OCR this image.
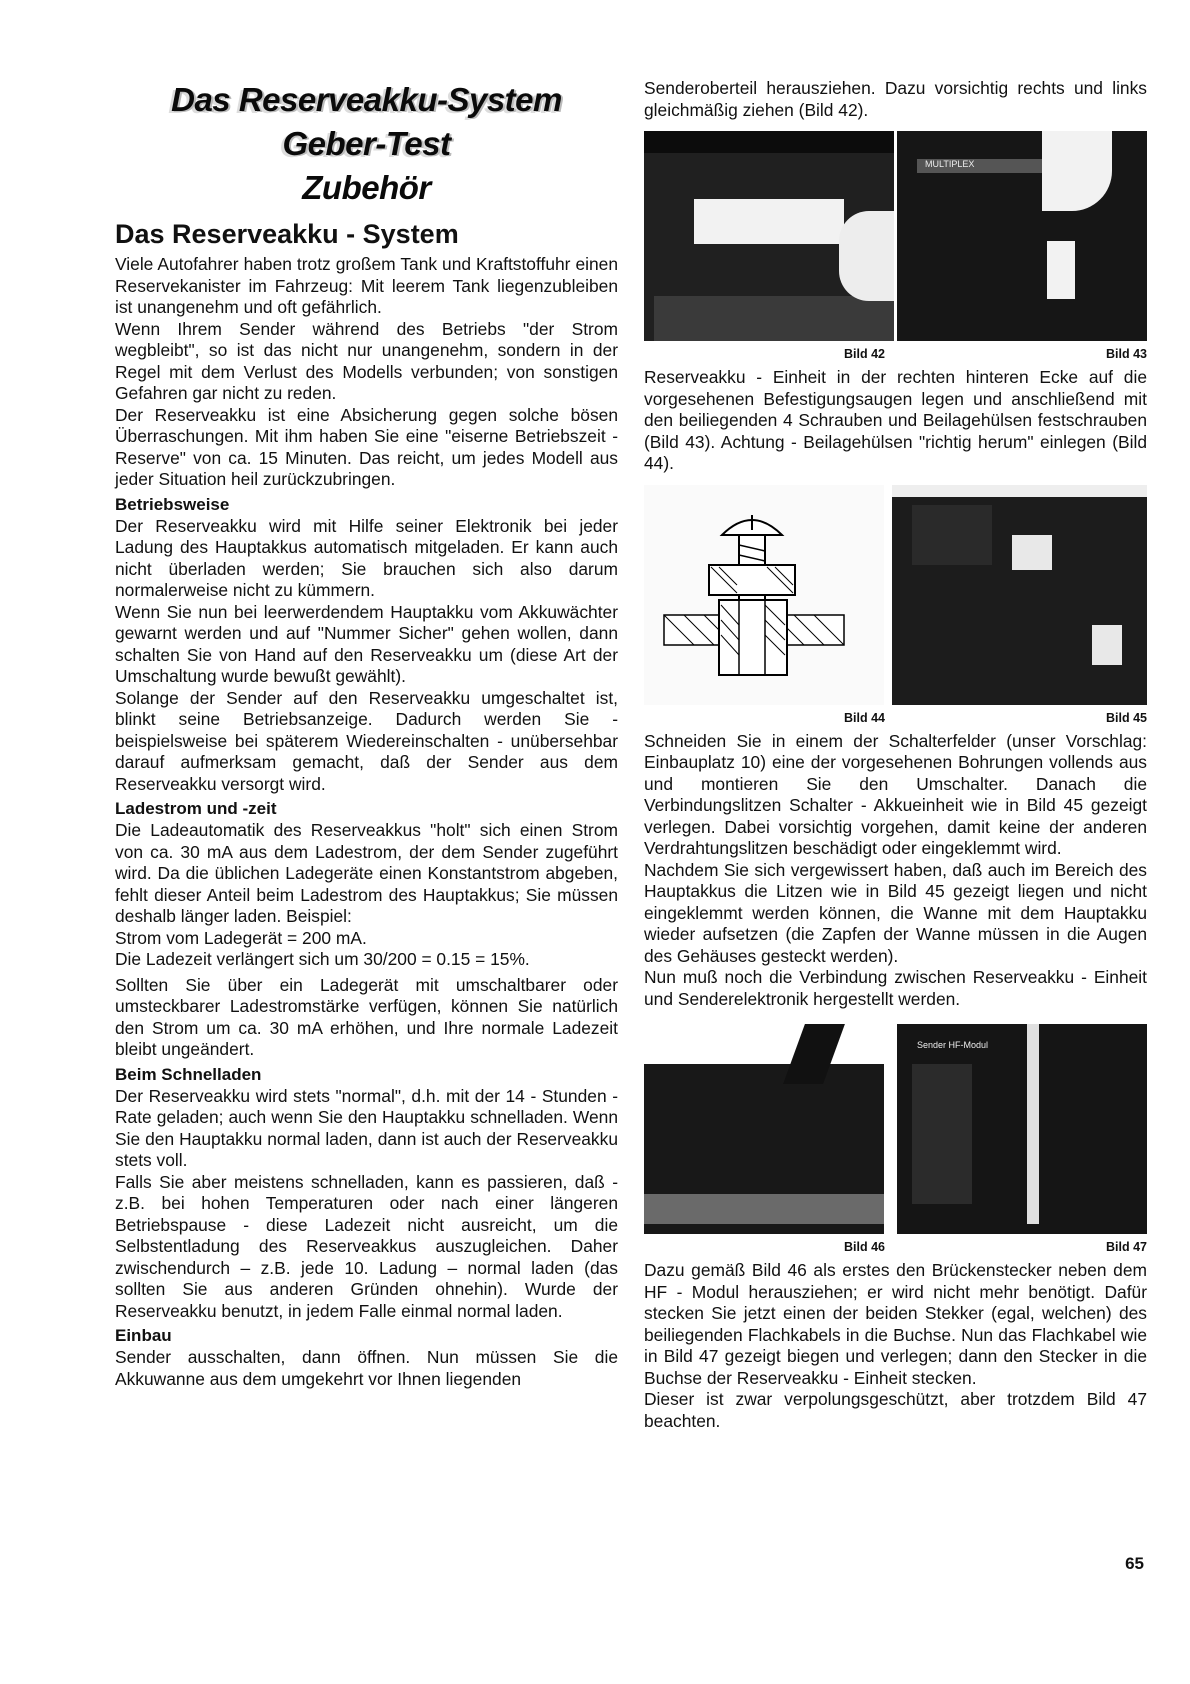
Das Reserveakku-System
Geber-Test
Zubehör
Das Reserveakku - System

Viele Autofahrer haben trotz großem Tank und Kraftstoffuhr einen Reservekanister im Fahrzeug: Mit leerem Tank liegenzubleiben ist unangenehm und oft gefährlich.

Wenn Ihrem Sender während des Betriebs "der Strom wegbleibt", so ist das nicht nur unangenehm, sondern in der Regel mit dem Verlust des Modells verbunden; von sonstigen Gefahren gar nicht zu reden.

Der Reserveakku ist eine Absicherung gegen solche bösen Überraschungen. Mit ihm haben Sie eine "eiserne Betriebszeit - Reserve" von ca. 15 Minuten. Das reicht, um jedes Modell aus jeder Situation heil zurückzubringen.

Betriebsweise

Der Reserveakku wird mit Hilfe seiner Elektronik bei jeder Ladung des Hauptakkus automatisch mitgeladen. Er kann auch nicht überladen werden; Sie brauchen sich also darum normalerweise nicht zu kümmern.

Wenn Sie nun bei leerwerdendem Hauptakku vom Akkuwächter gewarnt werden und auf "Nummer Sicher" gehen wollen, dann schalten Sie von Hand auf den Reserveakku um (diese Art der Umschaltung wurde bewußt gewählt).

Solange der Sender auf den Reserveakku umgeschaltet ist, blinkt seine Betriebsanzeige. Dadurch werden Sie - beispielsweise bei späterem Wiedereinschalten - unübersehbar darauf aufmerksam gemacht, daß der Sender aus dem Reserveakku versorgt wird.

Ladestrom und -zeit

Die Ladeautomatik des Reserveakkus "holt" sich einen Strom von ca. 30 mA aus dem Ladestrom, der dem Sender zugeführt wird. Da die üblichen Ladegeräte einen Konstantstrom abgeben, fehlt dieser Anteil beim Ladestrom des Hauptakkus; Sie müssen deshalb länger laden. Beispiel:

Strom vom Ladegerät = 200 mA.

Die Ladezeit verlängert sich um 30/200 = 0.15 = 15%.

Sollten Sie über ein Ladegerät mit umschaltbarer oder umsteckbarer Ladestromstärke verfügen, können Sie natürlich den Strom um ca. 30 mA erhöhen, und Ihre normale Ladezeit bleibt ungeändert.

Beim Schnelladen

Der Reserveakku wird stets "normal", d.h. mit der 14 - Stunden - Rate geladen; auch wenn Sie den Hauptakku schnelladen. Wenn Sie den Hauptakku normal laden, dann ist auch der Reserveakku stets voll.

Falls Sie aber meistens schnelladen, kann es passieren, daß - z.B. bei hohen Temperaturen oder nach einer längeren Betriebspause - diese Ladezeit nicht ausreicht, um die Selbstentladung des Reserveakkus auszugleichen. Daher zwischendurch – z.B. jede 10. Ladung – normal laden (das sollten Sie aus anderen Gründen ohnehin). Wurde der Reserveakku benutzt, in jedem Falle einmal normal laden.

Einbau

Sender ausschalten, dann öffnen. Nun müssen Sie die Akkuwanne aus dem umgekehrt vor Ihnen liegenden

Senderoberteil herausziehen. Dazu vorsichtig rechts und links gleichmäßig ziehen (Bild 42).

MULTIPLEX
Bild 42	Bild 43

Reserveakku - Einheit in der rechten hinteren Ecke auf die vorgesehenen Befestigungsaugen legen und anschließend mit den beiliegenden 4 Schrauben und Beilagehülsen festschrauben (Bild 43). Achtung - Beilagehülsen "richtig herum" einlegen (Bild 44).

Bild 44	Bild 45

Schneiden Sie in einem der Schalterfelder (unser Vorschlag: Einbauplatz 10) eine der vorgesehenen Bohrungen vollends aus und montieren Sie den Umschalter. Danach die Verbindungslitzen Schalter - Akkueinheit wie in Bild 45 gezeigt verlegen. Dabei vorsichtig vorgehen, damit keine der anderen Verdrahtungslitzen beschädigt oder eingeklemmt wird.

Nachdem Sie sich vergewissert haben, daß auch im Bereich des Hauptakkus die Litzen wie in Bild 45 gezeigt liegen und nicht eingeklemmt werden können, die Wanne mit dem Hauptakku wieder aufsetzen (die Zapfen der Wanne müssen in die Augen des Gehäuses gesteckt werden).

Nun muß noch die Verbindung zwischen Reserveakku - Einheit und Senderelektronik hergestellt werden.

Sender HF-Modul
Bild 46	Bild 47

Dazu gemäß Bild 46 als erstes den Brückenstecker neben dem HF - Modul herausziehen; er wird nicht mehr benötigt. Dafür stecken Sie jetzt einen der beiden Stekker (egal, welchen) des beiliegenden Flachkabels in die Buchse. Nun das Flachkabel wie in Bild 47 gezeigt biegen und verlegen; dann den Stecker in die Buchse der Reserveakku - Einheit stecken.

Dieser ist zwar verpolungsgeschützt, aber trotzdem Bild 47 beachten.

65
